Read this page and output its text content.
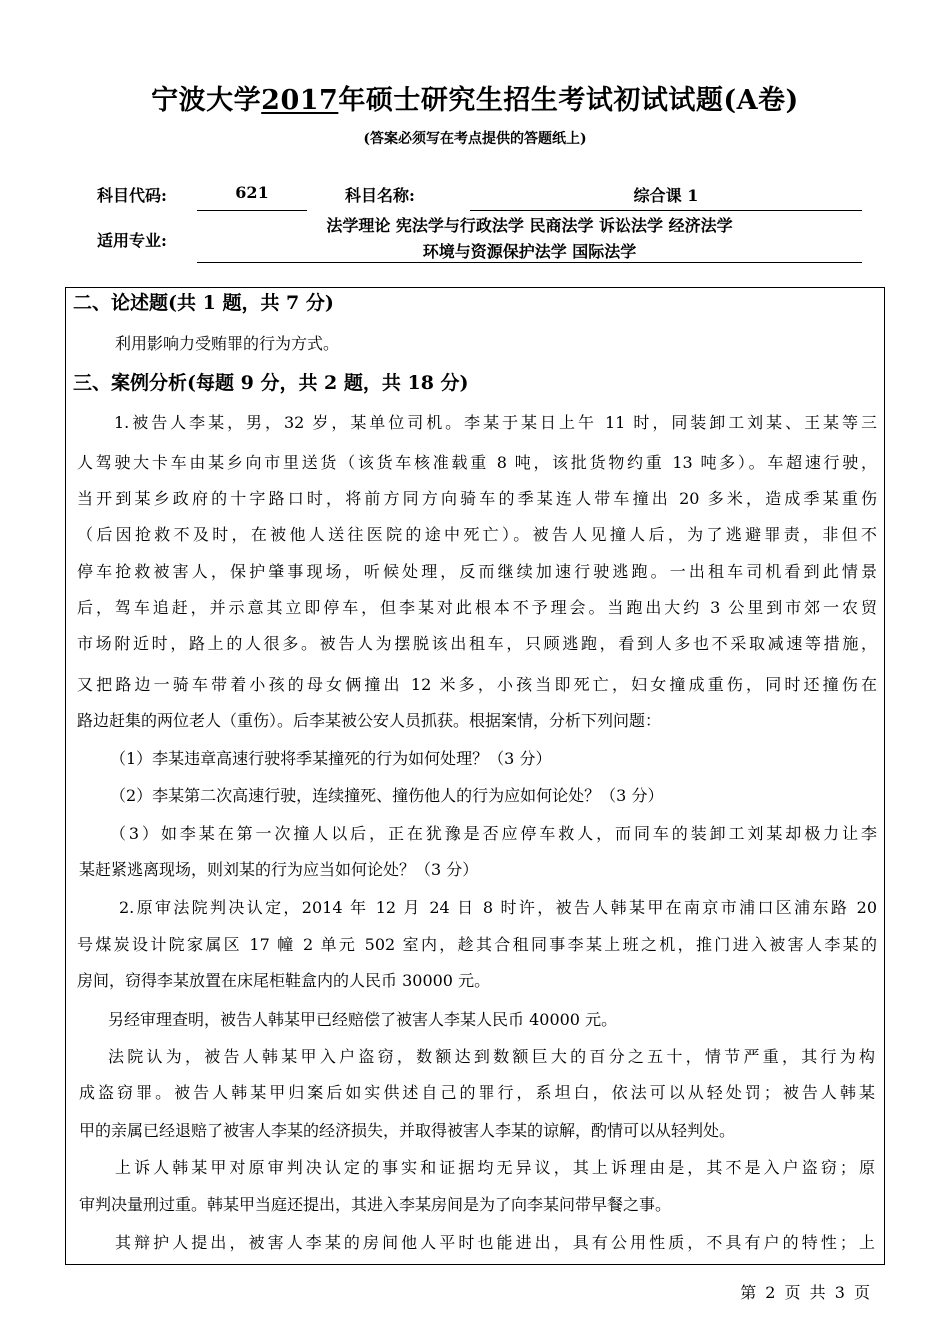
宁波大学2017年硕士研究生招生考试初试试题(A卷)
(答案必须写在考点提供的答题纸上)
科目代码:	621	科目名称:	综合课 1
适用专业:
法学理论 宪法学与行政法学 民商法学 诉讼法学 经济法学
环境与资源保护法学 国际法学
二、论述题(共 1 题，共 7 分)
利用影响力受贿罪的行为方式。
三、案例分析(每题 9 分，共 2 题，共 18 分)
1.被告人李某，男，32 岁，某单位司机。李某于某日上午 11 时，同装卸工刘某、王某等三
人驾驶大卡车由某乡向市里送货（该货车核准载重 8 吨，该批货物约重 13 吨多）。车超速行驶，
当开到某乡政府的十字路口时，将前方同方向骑车的季某连人带车撞出 20 多米，造成季某重伤
（后因抢救不及时，在被他人送往医院的途中死亡）。被告人见撞人后，为了逃避罪责，非但不
停车抢救被害人，保护肇事现场，听候处理，反而继续加速行驶逃跑。一出租车司机看到此情景
后，驾车追赶，并示意其立即停车，但李某对此根本不予理会。当跑出大约 3 公里到市郊一农贸
市场附近时，路上的人很多。被告人为摆脱该出租车，只顾逃跑，看到人多也不采取减速等措施，
又把路边一骑车带着小孩的母女俩撞出 12 米多，小孩当即死亡，妇女撞成重伤，同时还撞伤在
路边赶集的两位老人（重伤）。后李某被公安人员抓获。根据案情，分析下列问题：
（1）李某违章高速行驶将季某撞死的行为如何处理？（3 分）
（2）李某第二次高速行驶，连续撞死、撞伤他人的行为应如何论处？（3 分）
（3）如李某在第一次撞人以后，正在犹豫是否应停车救人，而同车的装卸工刘某却极力让李
某赶紧逃离现场，则刘某的行为应当如何论处？（3 分）
2.原审法院判决认定，2014 年 12 月 24 日 8 时许，被告人韩某甲在南京市浦口区浦东路 20
号煤炭设计院家属区 17 幢 2 单元 502 室内，趁其合租同事李某上班之机，推门进入被害人李某的
房间，窃得李某放置在床尾柜鞋盒内的人民币 30000 元。
另经审理查明，被告人韩某甲已经赔偿了被害人李某人民币 40000 元。
法院认为，被告人韩某甲入户盗窃，数额达到数额巨大的百分之五十，情节严重，其行为构
成盗窃罪。被告人韩某甲归案后如实供述自己的罪行，系坦白，依法可以从轻处罚；被告人韩某
甲的亲属已经退赔了被害人李某的经济损失，并取得被害人李某的谅解，酌情可以从轻判处。
上诉人韩某甲对原审判决认定的事实和证据均无异议，其上诉理由是，其不是入户盗窃；原
审判决量刑过重。韩某甲当庭还提出，其进入李某房间是为了向李某问带早餐之事。
其辩护人提出，被害人李某的房间他人平时也能进出，具有公用性质，不具有户的特性；上
第 2 页 共 3 页
